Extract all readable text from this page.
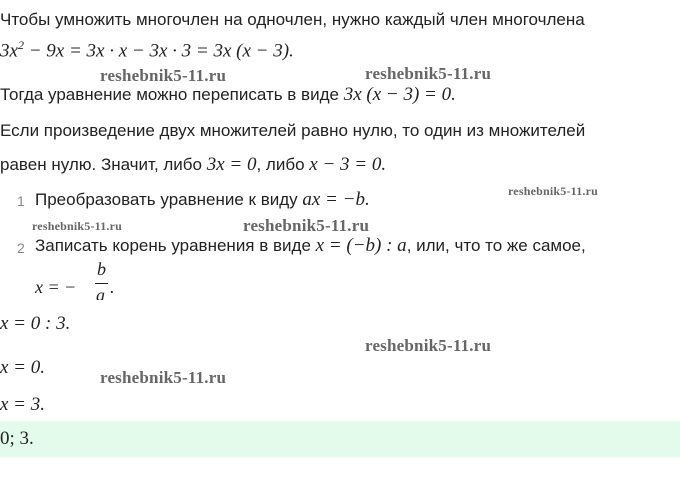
Чтобы умножить многочлен на одночлен, нужно каждый член многочлена
$3x^2 - 9x = 3x \cdot x - 3x \cdot 3 = 3x$ (x − 3).
Тогда уравнение можно переписать в виде 3x (x − 3) = 0.
Если произведение двух множителей равно нулю, то один из множителей
равен нулю. Значит, либо 3x = 0, либо x − 3 = 0.
1 Преобразовать уравнение к виду ax = −b.
2 Записать корень уравнения в виде x = (−b) : a, или, что то же самое,
x = −
b
a .
x = 0 : 3.
x = 0.
x = 3.
0; 3.
reshebnik5-11.ru	reshebnik5-11.ru
reshebnik5-11.ru
reshebnik5-11.ru	reshebnik5-11.ru
reshebnik5-11.ru
reshebnik5-11.ru
